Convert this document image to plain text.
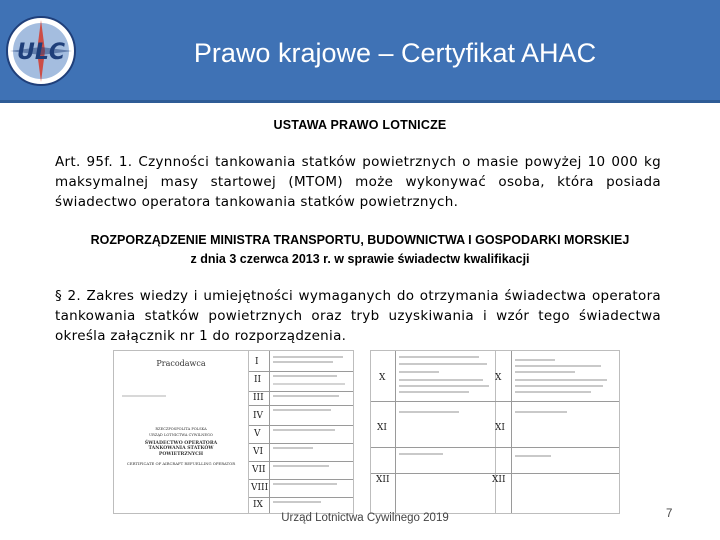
ULC	Prawo krajowe – Certyfikat AHAC
USTAWA PRAWO LOTNICZE
Art. 95f. 1. Czynności tankowania statków powietrznych o masie powyżej 10 000 kg maksymalnej masy startowej (MTOM) może wykonywać osoba, która posiada świadectwo operatora tankowania statków powietrznych.
ROZPORZĄDZENIE MINISTRA TRANSPORTU, BUDOWNICTWA I GOSPODARKI MORSKIEJ
z dnia 3 czerwca 2013 r. w sprawie świadectw kwalifikacji
§ 2. Zakres wiedzy i umiejętności wymaganych do otrzymania świadectwa operatora tankowania statków powietrznych oraz tryb uzyskiwania i wzór tego świadectwa określa załącznik nr 1 do rozporządzenia.
Pracodawca
RZECZPOSPOLITA POLSKA
URZĄD LOTNICTWA CYWILNEGO
ŚWIADECTWO OPERATORA TANKOWANIA STATKÓW POWIETRZNYCH
CERTIFICATE OF AIRCRAFT REFUELLING OPERATOR
I
II
III
IV
V
VI
VII
VIII
IX
X	X
XI	XI
XII	XII
Urząd Lotnictwa Cywilnego 2019	7
